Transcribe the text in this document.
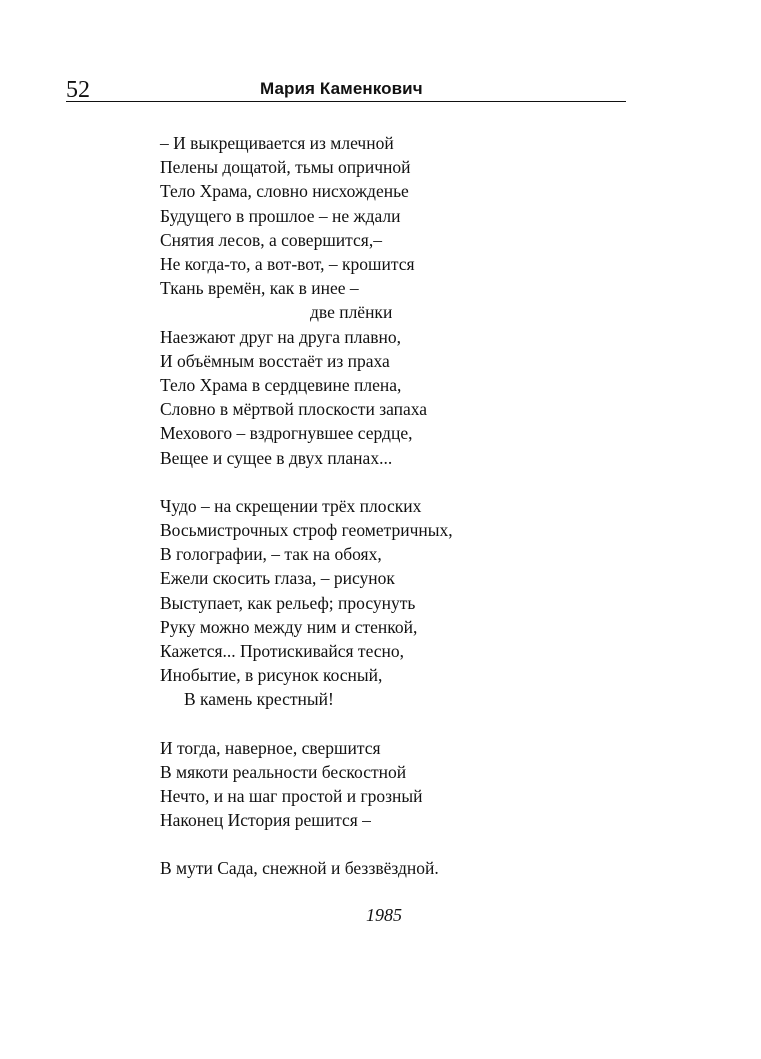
52	Мария Каменкович
– И выкрещивается из млечной
Пелены дощатой, тьмы опричной
Тело Храма, словно нисхожденье
Будущего в прошлое – не ждали
Снятия лесов, а совершится,–
Не когда-то, а вот-вот, – крошится
Ткань времён, как в инее –
две плёнки
Наезжают друг на друга плавно,
И объёмным восстаёт из праха
Тело Храма в сердцевине плена,
Словно в мёртвой плоскости запаха
Мехового – вздрогнувшее сердце,
Вещее и сущее в двух планах...
Чудо – на скрещении трёх плоских
Восьмистрочных строф геометричных,
В голографии, – так на обоях,
Ежели скосить глаза, – рисунок
Выступает, как рельеф; просунуть
Руку можно между ним и стенкой,
Кажется... Протискивайся тесно,
Инобытие, в рисунок косный,
В камень крестный!
И тогда, наверное, свершится
В мякоти реальности бескостной
Нечто, и на шаг простой и грозный
Наконец История решится –
В мути Сада, снежной и беззвёздной.
1985
